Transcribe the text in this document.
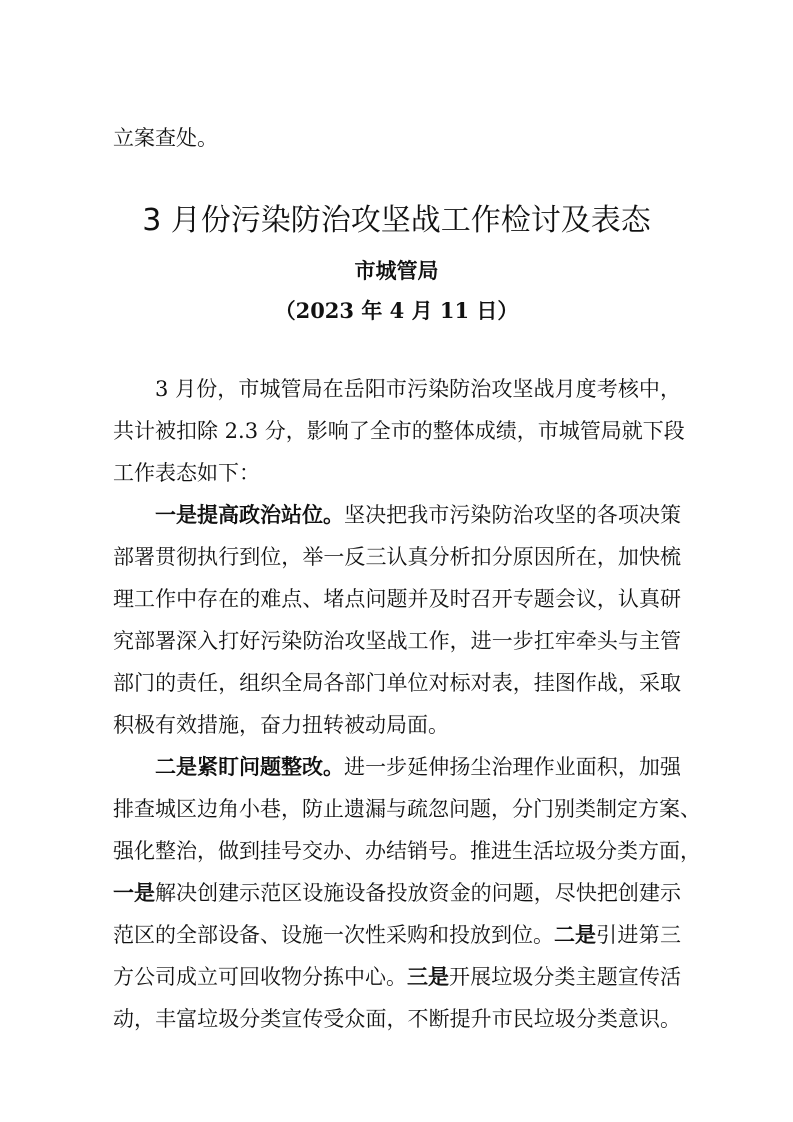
立案查处。
3 月份污染防治攻坚战工作检讨及表态
市城管局
（2023 年 4 月 11 日）
3 月份，市城管局在岳阳市污染防治攻坚战月度考核中，
共计被扣除 2.3 分，影响了全市的整体成绩，市城管局就下段
工作表态如下：
一是提高政治站位。 坚决把我市污染防治攻坚的各项决策
部署贯彻执行到位，举一反三认真分析扣分原因所在，加快梳
理工作中存在的难点、堵点问题并及时召开专题会议，认真研
究部署深入打好污染防治攻坚战工作，进一步扛牢牵头与主管
部门的责任，组织全局各部门单位对标对表，挂图作战，采取
积极有效措施，奋力扭转被动局面。
二是紧盯问题整改。 进一步延伸扬尘治理作业面积，加强
排查城区边角小巷，防止遗漏与疏忽问题，分门别类制定方案、
强化整治，做到挂号交办、办结销号。推进生活垃圾分类方面，
一是 解决创建示范区设施设备投放资金的问题，尽快把创建示
范区的全部设备、设施一次性采购和投放到位。 二是 引进第三
方公司成立可回收物分拣中心。 三是 开展垃圾分类主题宣传活
动，丰富垃圾分类宣传受众面，不断提升市民垃圾分类意识。
